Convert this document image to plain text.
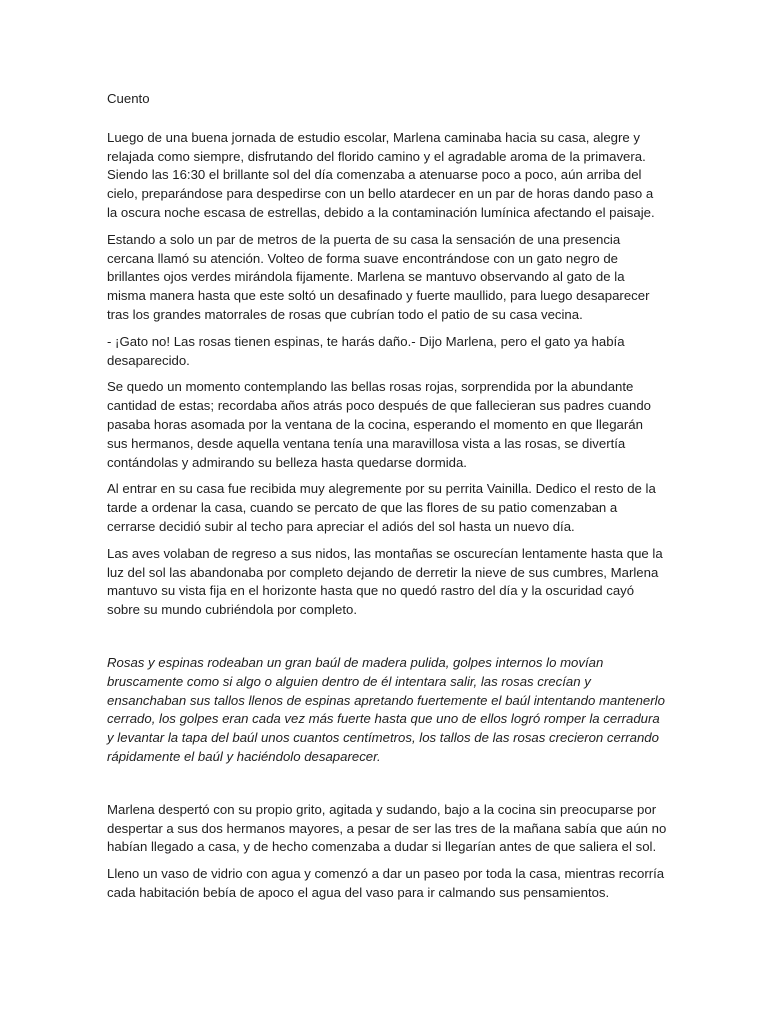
Cuento

Luego de una buena jornada de estudio escolar, Marlena caminaba hacia su casa, alegre y relajada como siempre, disfrutando del florido camino y el agradable aroma de la primavera. Siendo las 16:30 el brillante sol del día comenzaba a atenuarse poco a poco, aún arriba del cielo, preparándose para despedirse con un bello atardecer en un par de horas dando paso a la oscura noche escasa de estrellas, debido a la contaminación lumínica afectando el paisaje.

Estando a solo un par de metros de la puerta de su casa la sensación de una presencia cercana llamó su atención. Volteo de forma suave encontrándose con un gato negro de brillantes ojos verdes mirándola fijamente. Marlena se mantuvo observando al gato de la misma manera hasta que este soltó un desafinado y fuerte maullido, para luego desaparecer tras los grandes matorrales de rosas que cubrían todo el patio de su casa vecina.

- ¡Gato no! Las rosas tienen espinas, te harás daño.- Dijo Marlena, pero el gato ya había desaparecido.

Se quedo un momento contemplando las bellas rosas rojas, sorprendida por la abundante cantidad de estas; recordaba años atrás poco después de que fallecieran sus padres cuando pasaba horas asomada por la ventana de la cocina, esperando el momento en que llegarán sus hermanos, desde aquella ventana tenía una maravillosa vista a las rosas, se divertía contándolas y admirando su belleza hasta quedarse dormida.

Al entrar en su casa fue recibida muy alegremente por su perrita Vainilla. Dedico el resto de la tarde a ordenar la casa, cuando se percato de que las flores de su patio comenzaban a cerrarse decidió subir al techo para apreciar el adiós del sol hasta un nuevo día.

Las aves volaban de regreso a sus nidos, las montañas se oscurecían lentamente hasta que la luz del sol las abandonaba por completo dejando de derretir la nieve de sus cumbres, Marlena mantuvo su vista fija en el horizonte hasta que no quedó rastro del día y la oscuridad cayó sobre su mundo cubriéndola por completo.

Rosas y espinas rodeaban un gran baúl de madera pulida, golpes internos lo movían bruscamente como si algo o alguien dentro de él intentara salir, las rosas crecían y ensanchaban sus tallos llenos de espinas apretando fuertemente el baúl intentando mantenerlo cerrado, los golpes eran cada vez más fuerte hasta que uno de ellos logró romper la cerradura y levantar la tapa del baúl unos cuantos centímetros, los tallos de las rosas crecieron cerrando rápidamente el baúl y haciéndolo desaparecer.

Marlena despertó con su propio grito, agitada y sudando, bajo a la cocina sin preocuparse por despertar a sus dos hermanos mayores, a pesar de ser las tres de la mañana sabía que aún no habían llegado a casa, y de hecho comenzaba a dudar si llegarían antes de que saliera el sol.

Lleno un vaso de vidrio con agua y comenzó a dar un paseo por toda la casa, mientras recorría cada habitación bebía de apoco el agua del vaso para ir calmando sus pensamientos.
